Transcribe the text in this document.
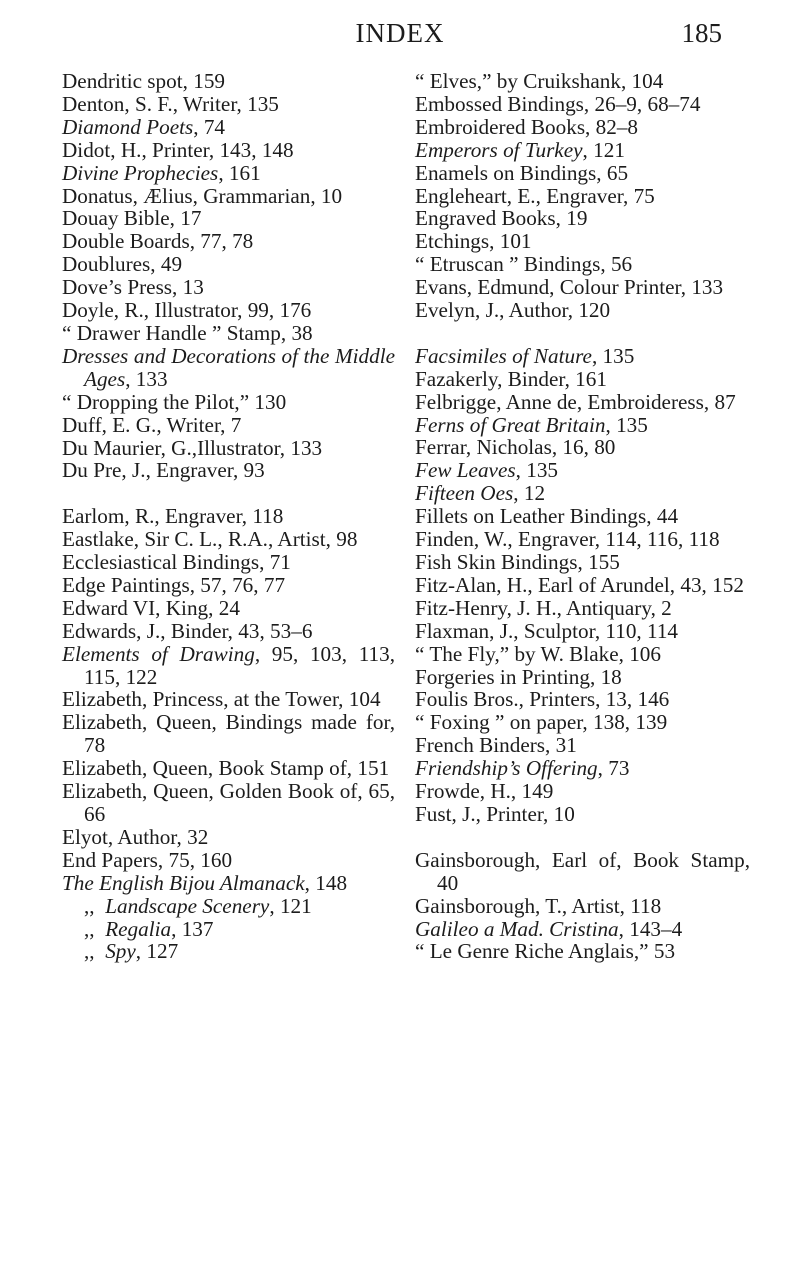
INDEX	185
Dendritic spot, 159
Denton, S. F., Writer, 135
Diamond Poets, 74
Didot, H., Printer, 143, 148
Divine Prophecies, 161
Donatus, Ælius, Grammarian, 10
Douay Bible, 17
Double Boards, 77, 78
Doublures, 49
Dove’s Press, 13
Doyle, R., Illustrator, 99, 176
“ Drawer Handle ” Stamp, 38
Dresses and Decorations of the Middle Ages, 133
“ Dropping the Pilot,” 130
Duff, E. G., Writer, 7
Du Maurier, G.,Illustrator, 133
Du Pre, J., Engraver, 93
Earlom, R., Engraver, 118
Eastlake, Sir C. L., R.A., Artist, 98
Ecclesiastical Bindings, 71
Edge Paintings, 57, 76, 77
Edward VI, King, 24
Edwards, J., Binder, 43, 53–6
Elements of Drawing, 95, 103, 113, 115, 122
Elizabeth, Princess, at the Tower, 104
Elizabeth, Queen, Bindings made for, 78
Elizabeth, Queen, Book Stamp of, 151
Elizabeth, Queen, Golden Book of, 65, 66
Elyot, Author, 32
End Papers, 75, 160
The English Bijou Almanack, 148
,, Landscape Scenery, 121
,, Regalia, 137
,, Spy, 127
“ Elves,” by Cruikshank, 104
Embossed Bindings, 26–9, 68–74
Embroidered Books, 82–8
Emperors of Turkey, 121
Enamels on Bindings, 65
Engleheart, E., Engraver, 75
Engraved Books, 19
Etchings, 101
“ Etruscan ” Bindings, 56
Evans, Edmund, Colour Printer, 133
Evelyn, J., Author, 120
Facsimiles of Nature, 135
Fazakerly, Binder, 161
Felbrigge, Anne de, Embroideress, 87
Ferns of Great Britain, 135
Ferrar, Nicholas, 16, 80
Few Leaves, 135
Fifteen Oes, 12
Fillets on Leather Bindings, 44
Finden, W., Engraver, 114, 116, 118
Fish Skin Bindings, 155
Fitz-Alan, H., Earl of Arundel, 43, 152
Fitz-Henry, J. H., Antiquary, 2
Flaxman, J., Sculptor, 110, 114
“ The Fly,” by W. Blake, 106
Forgeries in Printing, 18
Foulis Bros., Printers, 13, 146
“ Foxing ” on paper, 138, 139
French Binders, 31
Friendship’s Offering, 73
Frowde, H., 149
Fust, J., Printer, 10
Gainsborough, Earl of, Book Stamp, 40
Gainsborough, T., Artist, 118
Galileo a Mad. Cristina, 143–4
“ Le Genre Riche Anglais,” 53
